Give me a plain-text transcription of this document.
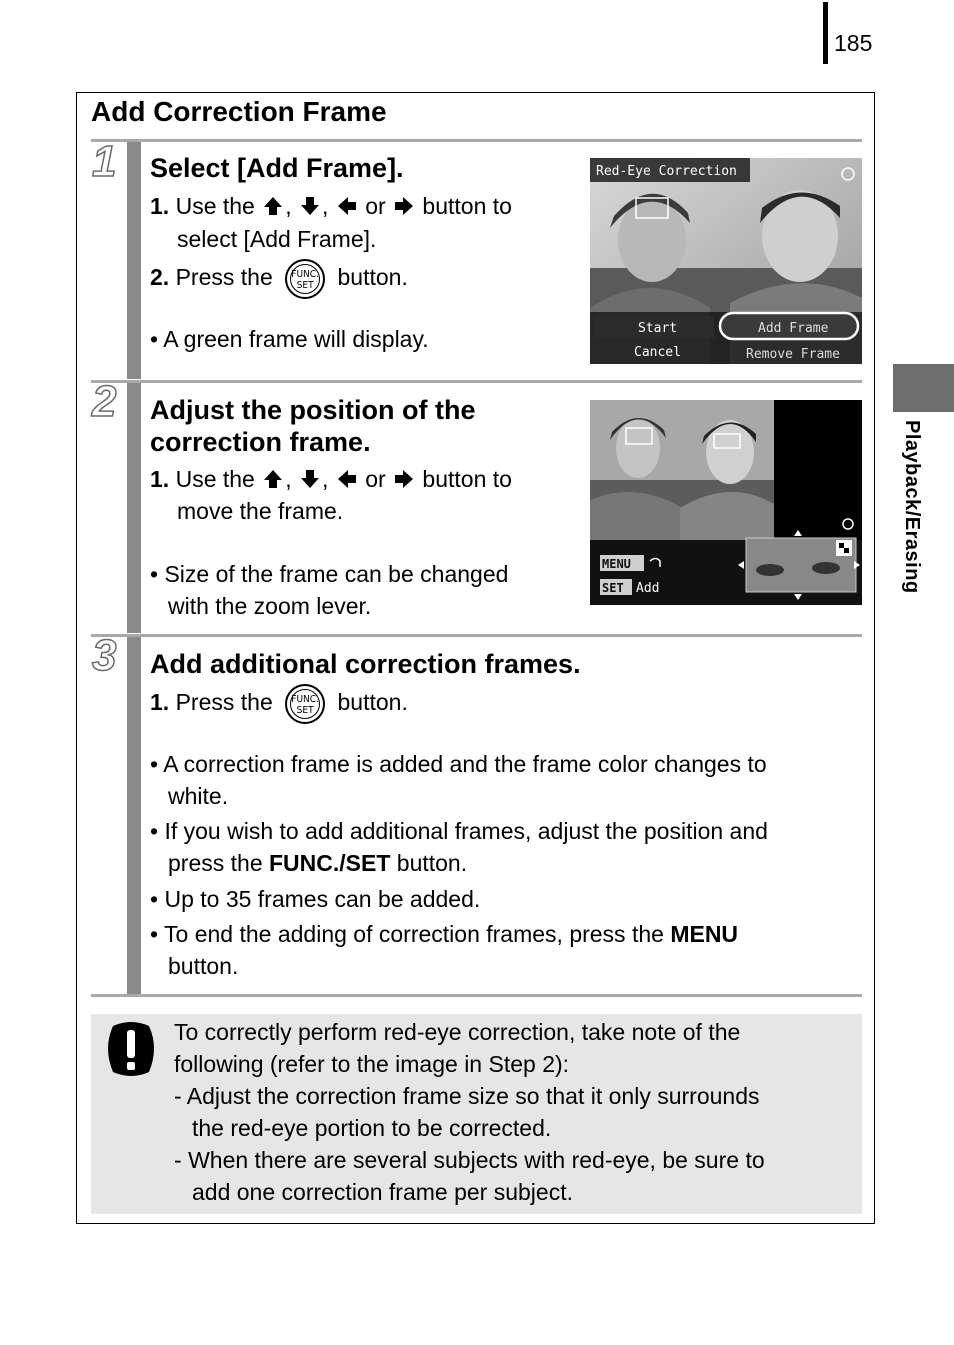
185
Playback/Erasing
Add Correction Frame
1 Select [Add Frame].
1. Use the , ,  or button to
select [Add Frame].
2. Press the	FUNC.
SET	button.
• A green frame will display.
Red-Eye Correction
Start	Add Frame
Cancel	Remove Frame
2 Adjust the position of the
correction frame.
1. Use the , ,  or button to
move the frame.
• Size of the frame can be changed
with the zoom lever.
MENU
SET Add
3 Add additional correction frames.
1. Press the	FUNC.
SET	button.
• A correction frame is added and the frame color changes to
white.
• If you wish to add additional frames, adjust the position and
press the FUNC./SET button.
• Up to 35 frames can be added.
• To end the adding of correction frames, press the MENU
button.
To correctly perform red-eye correction, take note of the
following (refer to the image in Step 2):
- Adjust the correction frame size so that it only surrounds
the red-eye portion to be corrected.
- When there are several subjects with red-eye, be sure to
add one correction frame per subject.
